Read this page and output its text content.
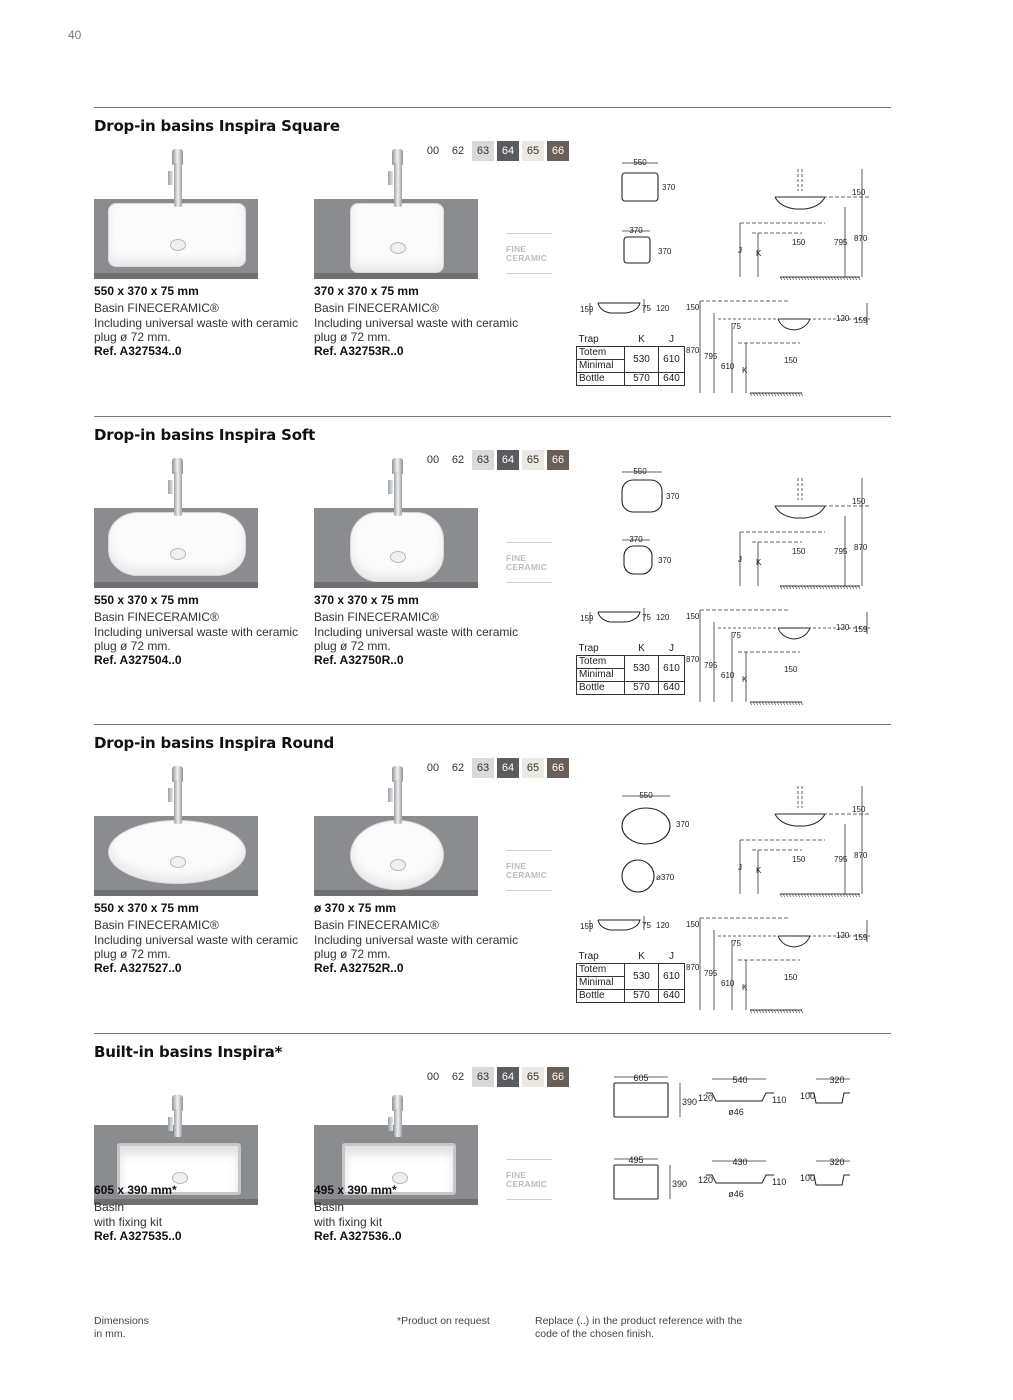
40
Drop-in basins Inspira Square
00 62 63 64 65 66
FINE
CERAMIC
550 x 370 x 75 mm
Basin FINECERAMIC®
Including universal waste with ceramic
plug ø 72 mm.
Ref. A327534..0
370 x 370 x 75 mm
Basin FINECERAMIC®
Including universal waste with ceramic
plug ø 72 mm.
Ref. A32753R..0
550
370
370
370
159	75 120
150
795 870
150
J K
150
120 159
75
870
795
610
150
K
Trap	K	J
Totem	530	610
Minimal		
Bottle	570	640
Drop-in basins Inspira Soft
00 62 63 64 65 66
FINE
CERAMIC
550 x 370 x 75 mm
Basin FINECERAMIC®
Including universal waste with ceramic
plug ø 72 mm.
Ref. A327504..0
370 x 370 x 75 mm
Basin FINECERAMIC®
Including universal waste with ceramic
plug ø 72 mm.
Ref. A32750R..0
550
370
370
370
159	75 120
150
795 870
150
J K
150
120 159
75
870
795
610
150
K
Trap	K	J
Totem	530	610
Minimal		
Bottle	570	640
Drop-in basins Inspira Round
00 62 63 64 65 66
FINE
CERAMIC
550 x 370 x 75 mm
Basin FINECERAMIC®
Including universal waste with ceramic
plug ø 72 mm.
Ref. A327527..0
ø 370 x 75 mm
Basin FINECERAMIC®
Including universal waste with ceramic
plug ø 72 mm.
Ref. A32752R..0
550
370
ø370
159	75 120
150
795 870
150
J K
150
120 159
75
870
795
610
150
K
Trap	K	J
Totem	530	610
Minimal		
Bottle	570	640
Built-in basins Inspira*
00 62 63 64 65 66
FINE
CERAMIC
605 x 390 mm*
Basin
with fixing kit
Ref. A327535..0
495 x 390 mm*
Basin
with fixing kit
Ref. A327536..0
605
390
540
120	110
ø46
320
100
495
390
430
120	110
ø46
320
100
Dimensions
in mm.
*Product on request	Replace (..) in the product reference with the
code of the chosen finish.
